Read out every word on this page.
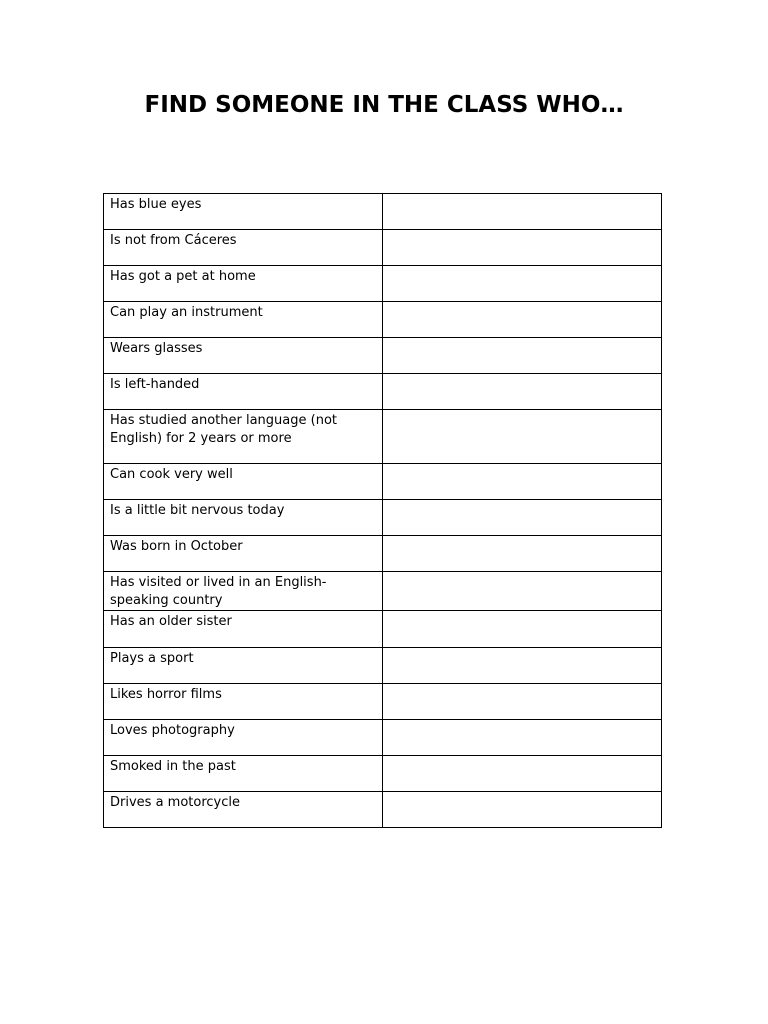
FIND SOMEONE IN THE CLASS WHO…
Has blue eyes	
Is not from Cáceres	
Has got a pet at home	
Can play an instrument	
Wears glasses	
Is left-handed	
Has studied another language (not English) for 2 years or more	
Can cook very well	
Is a little bit nervous today	
Was born in October	
Has visited or lived in an English-speaking country	
Has an older sister	
Plays a sport	
Likes horror films	
Loves photography	
Smoked in the past	
Drives a motorcycle	
